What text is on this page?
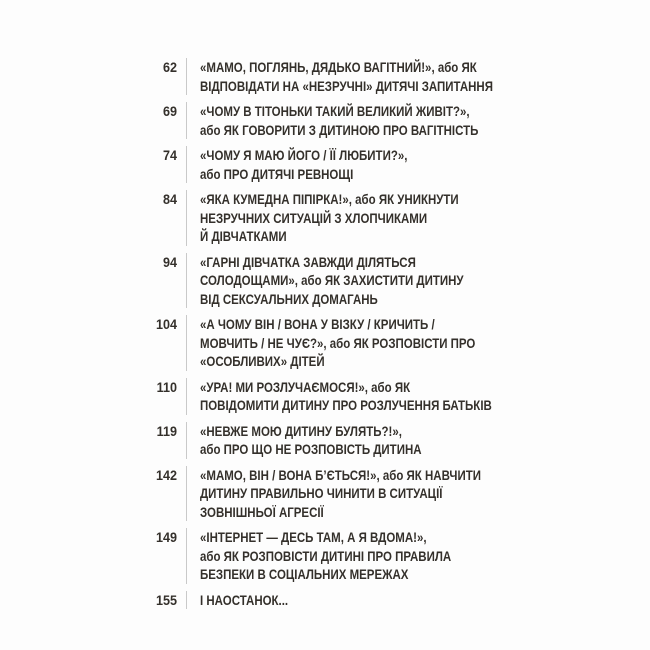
62 «МАМО, ПОГЛЯНЬ, ДЯДЬКО ВАГІТНИЙ!», або ЯК
ВІДПОВІДАТИ НА «НЕЗРУЧНІ» ДИТЯЧІ ЗАПИТАННЯ
69 «ЧОМУ В ТІТОНЬКИ ТАКИЙ ВЕЛИКИЙ ЖИВІТ?»,
або ЯК ГОВОРИТИ З ДИТИНОЮ ПРО ВАГІТНІСТЬ
74 «ЧОМУ Я МАЮ ЙОГО / ЇЇ ЛЮБИТИ?»,
або ПРО ДИТЯЧІ РЕВНОЩІ
84 «ЯКА КУМЕДНА ПІПІРКА!», або ЯК УНИКНУТИ
НЕЗРУЧНИХ СИТУАЦІЙ З ХЛОПЧИКАМИ
Й ДІВЧАТКАМИ
94 «ГАРНІ ДІВЧАТКА ЗАВЖДИ ДІЛЯТЬСЯ
СОЛОДОЩАМИ», або ЯК ЗАХИСТИТИ ДИТИНУ
ВІД СЕКСУАЛЬНИХ ДОМАГАНЬ
104 «А ЧОМУ ВІН / ВОНА У ВІЗКУ / КРИЧИТЬ /
МОВЧИТЬ / НЕ ЧУЄ?», або ЯК РОЗПОВІСТИ ПРО
«ОСОБЛИВИХ» ДІТЕЙ
110 «УРА! МИ РОЗЛУЧАЄМОСЯ!», або ЯК
ПОВІДОМИТИ ДИТИНУ ПРО РОЗЛУЧЕННЯ БАТЬКІВ
119 «НЕВЖЕ МОЮ ДИТИНУ БУЛЯТЬ?!»,
або ПРО ЩО НЕ РОЗПОВІСТЬ ДИТИНА
142 «МАМО, ВІН / ВОНА Б’ЄТЬСЯ!», або ЯК НАВЧИТИ
ДИТИНУ ПРАВИЛЬНО ЧИНИТИ В СИТУАЦІЇ
ЗОВНІШНЬОЇ АГРЕСІЇ
149 «ІНТЕРНЕТ — ДЕСЬ ТАМ, А Я ВДОМА!»,
або ЯК РОЗПОВІСТИ ДИТИНІ ПРО ПРАВИЛА
БЕЗПЕКИ В СОЦІАЛЬНИХ МЕРЕЖАХ
155 І НАОСТАНОК...
